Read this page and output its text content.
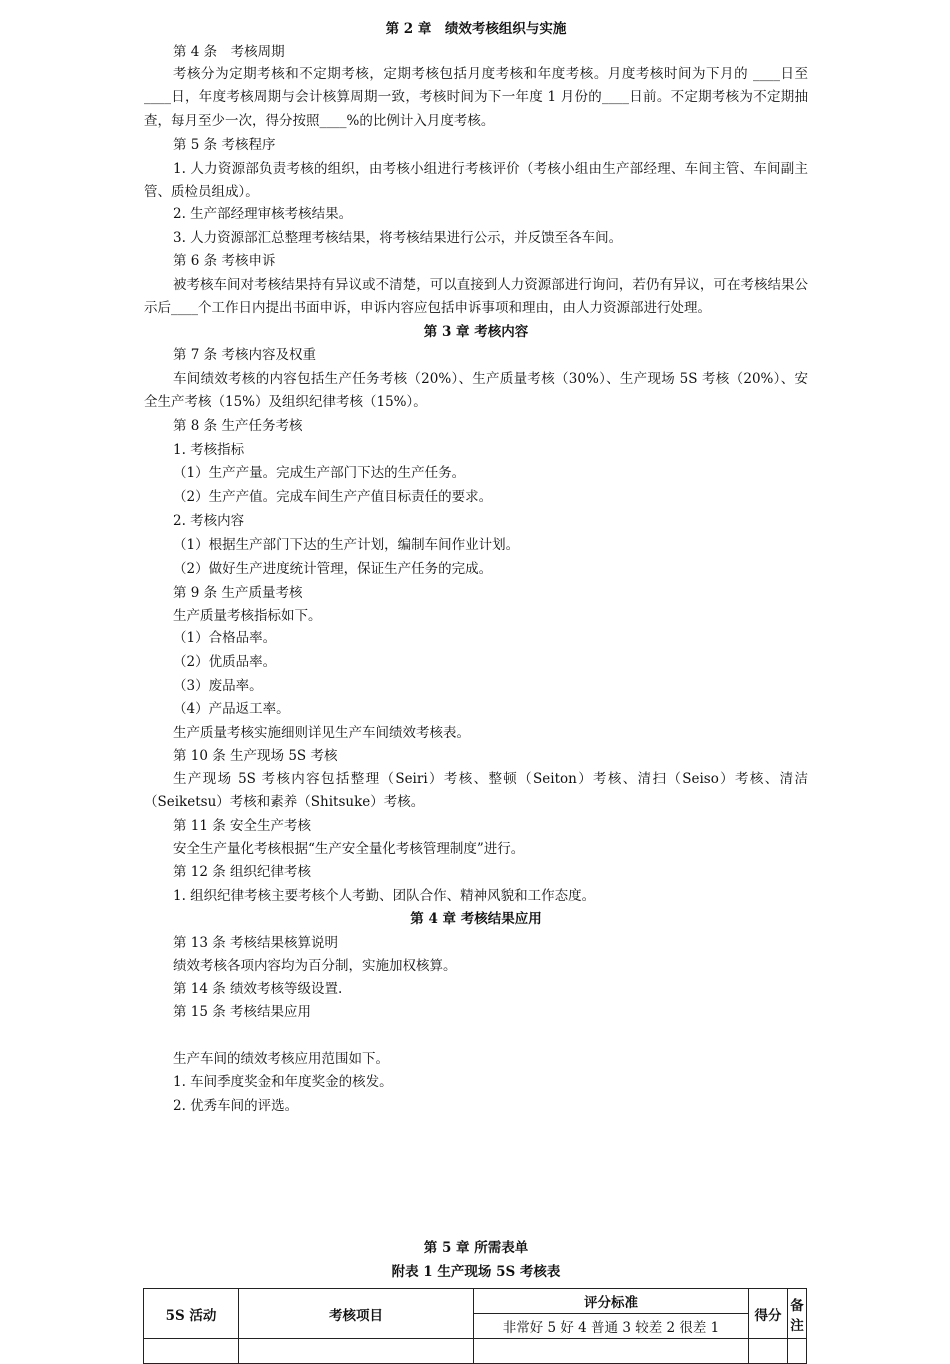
第 2 章　绩效考核组织与实施

第 4 条　考核周期

考核分为定期考核和不定期考核，定期考核包括月度考核和年度考核。月度考核时间为下月的 ____日至____日，年度考核周期与会计核算周期一致，考核时间为下一年度 1 月份的____日前。不定期考核为不定期抽查，每月至少一次，得分按照____%的比例计入月度考核。

第 5 条 考核程序

1. 人力资源部负责考核的组织，由考核小组进行考核评价（考核小组由生产部经理、车间主管、车间副主管、质检员组成）。

2. 生产部经理审核考核结果。

3. 人力资源部汇总整理考核结果，将考核结果进行公示，并反馈至各车间。

第 6 条 考核申诉

被考核车间对考核结果持有异议或不清楚，可以直接到人力资源部进行询问，若仍有异议，可在考核结果公示后____个工作日内提出书面申诉，申诉内容应包括申诉事项和理由，由人力资源部进行处理。

第 3 章 考核内容

第 7 条 考核内容及权重

车间绩效考核的内容包括生产任务考核（20%）、生产质量考核（30%）、生产现场 5S 考核（20%）、安全生产考核（15%）及组织纪律考核（15%）。

第 8 条 生产任务考核

1. 考核指标

（1）生产产量。完成生产部门下达的生产任务。

（2）生产产值。完成车间生产产值目标责任的要求。

2. 考核内容

（1）根据生产部门下达的生产计划，编制车间作业计划。

（2）做好生产进度统计管理，保证生产任务的完成。

第 9 条 生产质量考核

生产质量考核指标如下。

（1）合格品率。

（2）优质品率。

（3）废品率。

（4）产品返工率。

生产质量考核实施细则详见生产车间绩效考核表。

第 10 条 生产现场 5S 考核

生产现场 5S 考核内容包括整理（Seiri）考核、整顿（Seiton）考核、清扫（Seiso）考核、清洁（Seiketsu）考核和素养（Shitsuke）考核。

第 11 条 安全生产考核

安全生产量化考核根据“生产安全量化考核管理制度”进行。

第 12 条 组织纪律考核

1. 组织纪律考核主要考核个人考勤、团队合作、精神风貌和工作态度。

第 4 章 考核结果应用

第 13 条 考核结果核算说明

绩效考核各项内容均为百分制，实施加权核算。

第 14 条 绩效考核等级设置.

第 15 条 考核结果应用

生产车间的绩效考核应用范围如下。

1. 车间季度奖金和年度奖金的核发。

2. 优秀车间的评选。

第 5 章 所需表单

附表 1 生产现场 5S 考核表

5S 活动	考核项目	评分标准	得分	备注
		非常好 5 好 4 普通 3 较差 2 很差 1		
